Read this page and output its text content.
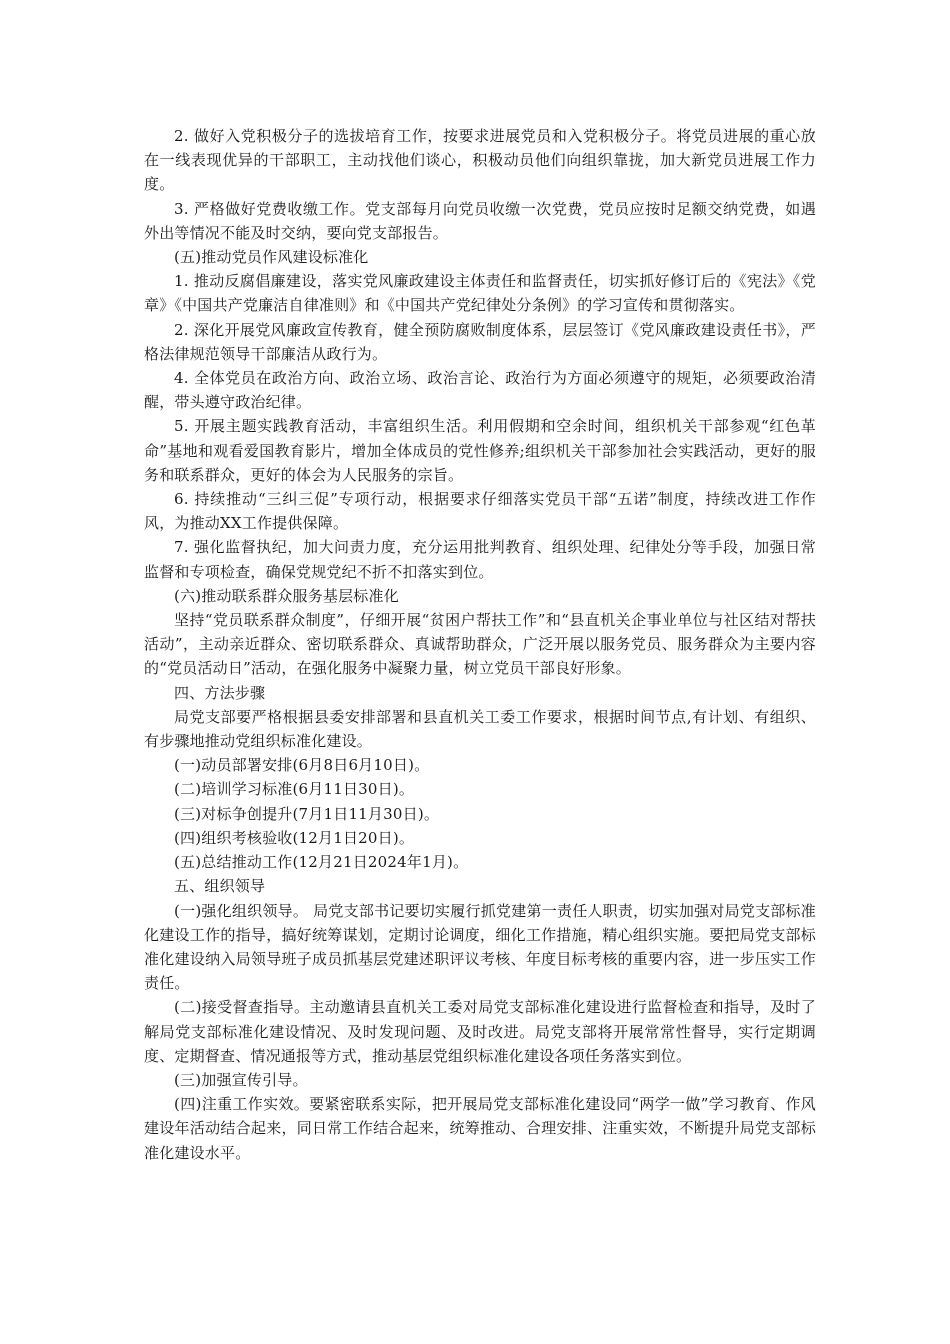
2. 做好入党积极分子的选拔培育工作，按要求进展党员和入党积极分子。将党员进展的重心放在一线表现优异的干部职工，主动找他们谈心，积极动员他们向组织靠拢，加大新党员进展工作力度。

3. 严格做好党费收缴工作。党支部每月向党员收缴一次党费，党员应按时足额交纳党费，如遇外出等情况不能及时交纳，要向党支部报告。

(五)推动党员作风建设标准化

1. 推动反腐倡廉建设，落实党风廉政建设主体责任和监督责任，切实抓好修订后的《宪法》《党章》《中国共产党廉洁自律准则》和《中国共产党纪律处分条例》的学习宣传和贯彻落实。

2. 深化开展党风廉政宣传教育，健全预防腐败制度体系，层层签订《党风廉政建设责任书》，严格法律规范领导干部廉洁从政行为。

4. 全体党员在政治方向、政治立场、政治言论、政治行为方面必须遵守的规矩，必须要政治清醒，带头遵守政治纪律。

5. 开展主题实践教育活动，丰富组织生活。利用假期和空余时间，组织机关干部参观“红色革命”基地和观看爱国教育影片，增加全体成员的党性修养;组织机关干部参加社会实践活动，更好的服务和联系群众，更好的体会为人民服务的宗旨。

6. 持续推动“三纠三促”专项行动，根据要求仔细落实党员干部“五诺”制度，持续改进工作作风，为推动XX工作提供保障。

7. 强化监督执纪，加大问责力度，充分运用批判教育、组织处理、纪律处分等手段，加强日常监督和专项检查，确保党规党纪不折不扣落实到位。

(六)推动联系群众服务基层标准化

坚持“党员联系群众制度”，仔细开展“贫困户帮扶工作”和“县直机关企事业单位与社区结对帮扶活动”，主动亲近群众、密切联系群众、真诚帮助群众，广泛开展以服务党员、服务群众为主要内容的“党员活动日”活动，在强化服务中凝聚力量，树立党员干部良好形象。

四、方法步骤

局党支部要严格根据县委安排部署和县直机关工委工作要求，根据时间节点,有计划、有组织、有步骤地推动党组织标准化建设。

(一)动员部署安排(6月8日6月10日)。

(二)培训学习标准(6月11日30日)。

(三)对标争创提升(7月1日11月30日)。

(四)组织考核验收(12月1日20日)。

(五)总结推动工作(12月21日2024年1月)。

五、组织领导

(一)强化组织领导。 局党支部书记要切实履行抓党建第一责任人职责，切实加强对局党支部标准化建设工作的指导，搞好统筹谋划，定期讨论调度，细化工作措施，精心组织实施。要把局党支部标准化建设纳入局领导班子成员抓基层党建述职评议考核、年度目标考核的重要内容，进一步压实工作责任。

(二)接受督查指导。主动邀请县直机关工委对局党支部标准化建设进行监督检查和指导，及时了解局党支部标准化建设情况、及时发现问题、及时改进。局党支部将开展常常性督导，实行定期调度、定期督查、情况通报等方式，推动基层党组织标准化建设各项任务落实到位。

(三)加强宣传引导。

(四)注重工作实效。要紧密联系实际，把开展局党支部标准化建设同“两学一做”学习教育、作风建设年活动结合起来，同日常工作结合起来，统筹推动、合理安排、注重实效，不断提升局党支部标准化建设水平。
